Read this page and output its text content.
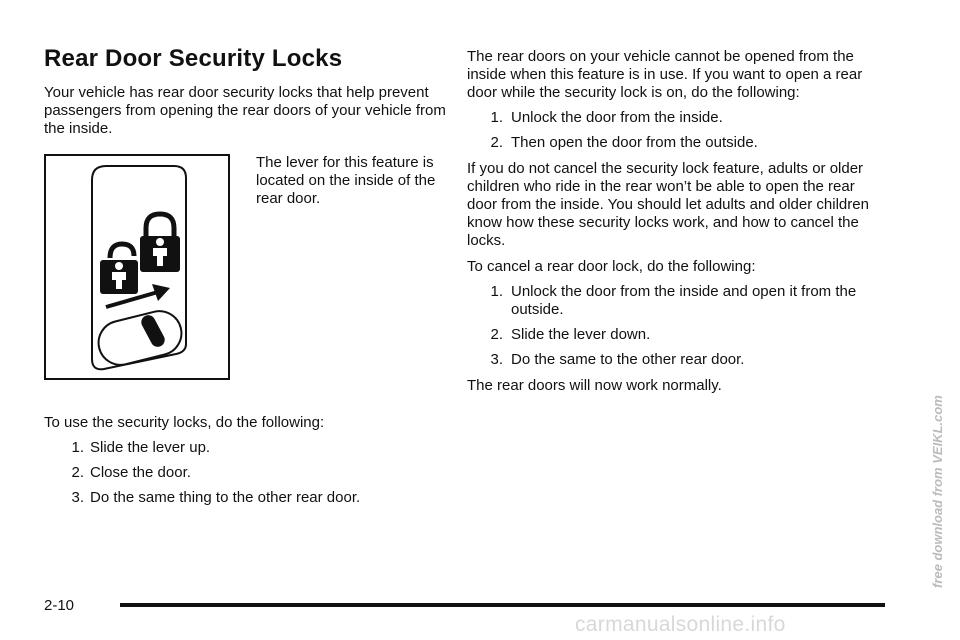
Rear Door Security Locks

Your vehicle has rear door security locks that help prevent passengers from opening the rear doors of your vehicle from the inside.

The lever for this feature is located on the inside of the rear door.

To use the security locks, do the following:

1. Slide the lever up.
2. Close the door.
3. Do the same thing to the other rear door.

The rear doors on your vehicle cannot be opened from the inside when this feature is in use. If you want to open a rear door while the security lock is on, do the following:

1. Unlock the door from the inside.
2. Then open the door from the outside.

If you do not cancel the security lock feature, adults or older children who ride in the rear won’t be able to open the rear door from the inside. You should let adults and older children know how these security locks work, and how to cancel the locks.

To cancel a rear door lock, do the following:

1. Unlock the door from the inside and open it from the outside.
2. Slide the lever down.
3. Do the same to the other rear door.

The rear doors will now work normally.

2-10
carmanualsonline.info
free download from VEIKL.com
